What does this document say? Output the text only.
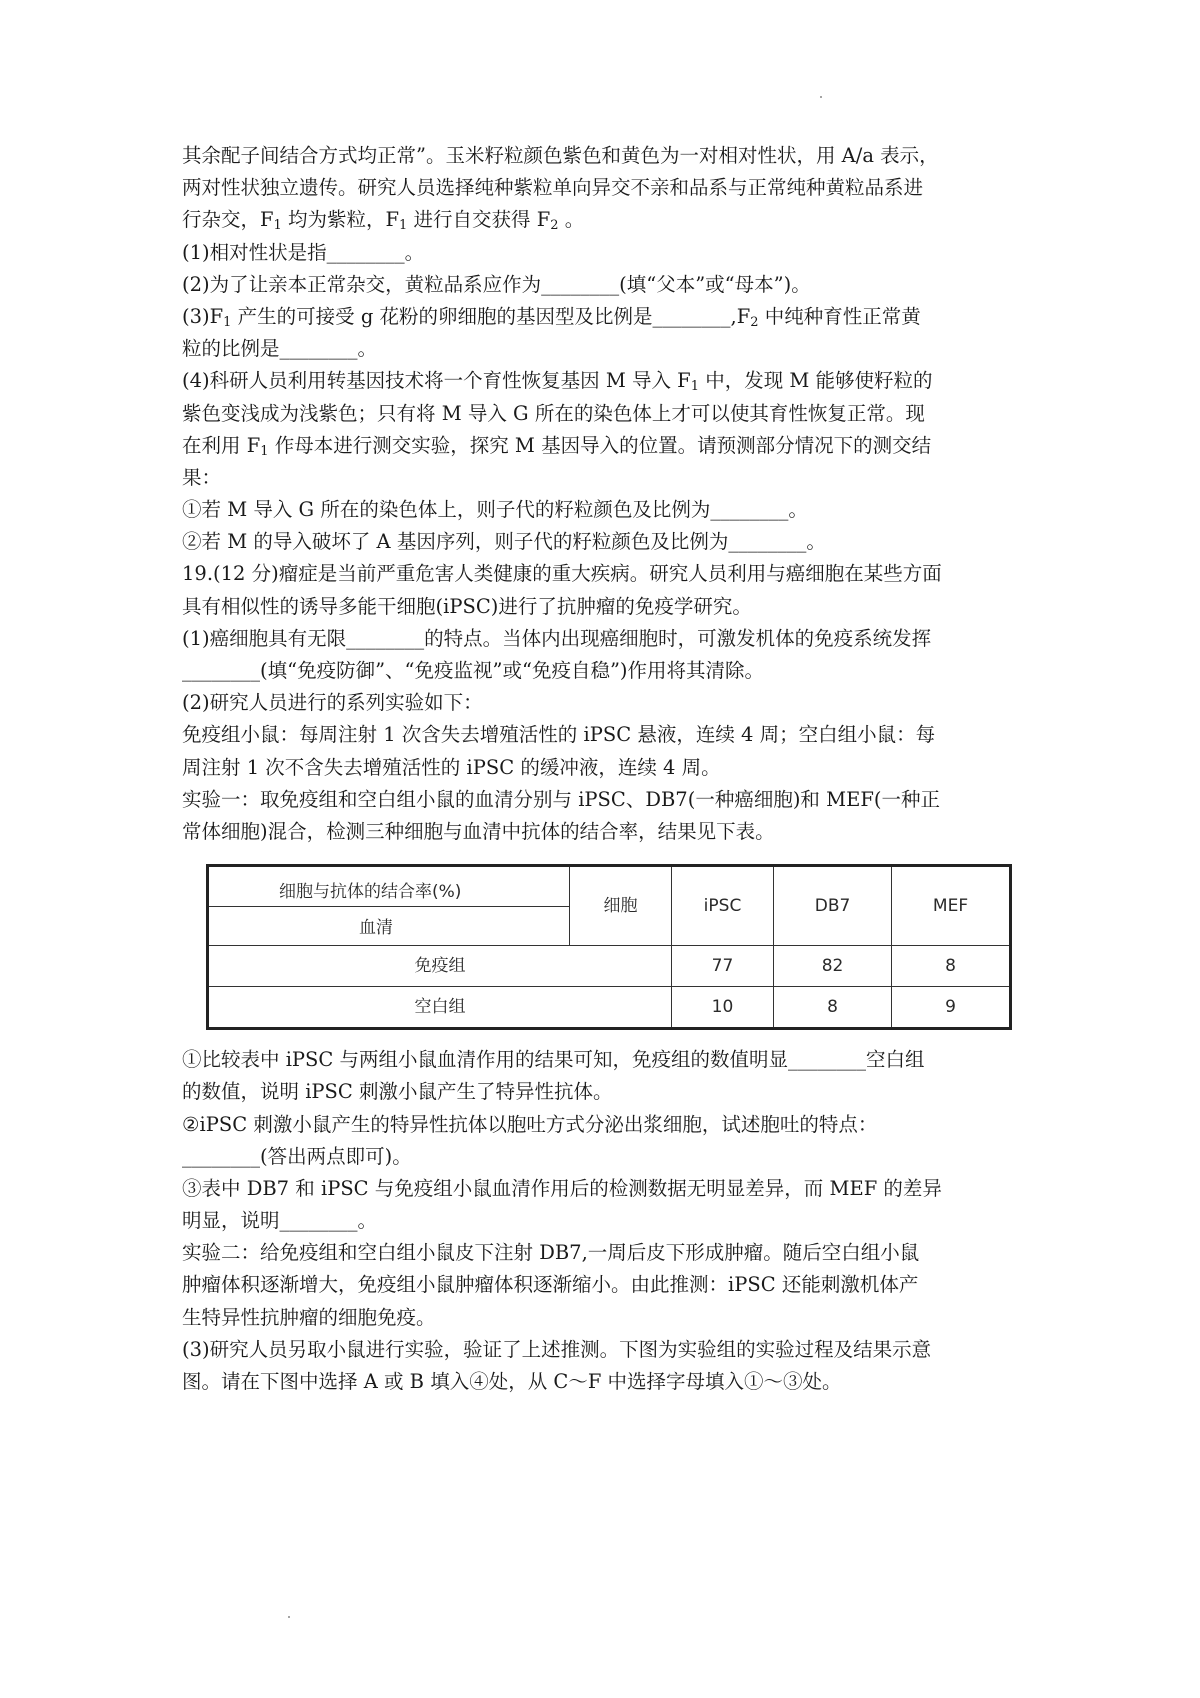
其余配子间结合方式均正常”。玉米籽粒颜色紫色和黄色为一对相对性状，用 A/a 表示，

两对性状独立遗传。研究人员选择纯种紫粒单向异交不亲和品系与正常纯种黄粒品系进

行杂交，$F_1$ 均为紫粒，$F_1$ 进行自交获得 $F_2$ 。

(1)相对性状是指________。

(2)为了让亲本正常杂交，黄粒品系应作为________(填“父本”或“母本”)。

$(3)F_1$ 产生的可接受 g 花粉的卵细胞的基因型及比例是$\_\_\_\_\_\_\_\_,F_2$ 中纯种育性正常黄

粒的比例是________。

(4)科研人员利用转基因技术将一个育性恢复基因 M 导入 $F_1$ 中，发现 M 能够使籽粒的

紫色变浅成为浅紫色；只有将 M 导入 G 所在的染色体上才可以使其育性恢复正常。现

在利用 $F_1$ 作母本进行测交实验，探究 M 基因导入的位置。请预测部分情况下的测交结

果：

①若 M 导入 G 所在的染色体上，则子代的籽粒颜色及比例为________。

②若 M 的导入破坏了 A 基因序列，则子代的籽粒颜色及比例为________。

19.(12 分)瘤症是当前严重危害人类健康的重大疾病。研究人员利用与癌细胞在某些方面

具有相似性的诱导多能干细胞(iPSC)进行了抗肿瘤的免疫学研究。

(1)癌细胞具有无限________的特点。当体内出现癌细胞时，可激发机体的免疫系统发挥

________(填“免疫防御”、“免疫监视”或“免疫自稳”)作用将其清除。

(2)研究人员进行的系列实验如下：

免疫组小鼠：每周注射 1 次含失去增殖活性的 iPSC 悬液，连续 4 周；空白组小鼠：每

周注射 1 次不含失去增殖活性的 iPSC 的缓冲液，连续 4 周。

实验一：取免疫组和空白组小鼠的血清分别与 iPSC、DB7(一种癌细胞)和 MEF(一种正

常体细胞)混合，检测三种细胞与血清中抗体的结合率，结果见下表。

细胞与抗体的结合率(%)
血清	细胞	iPSC	DB7	MEF
免疫组		77	82	8
空白组		10	8	9

①比较表中 iPSC 与两组小鼠血清作用的结果可知，免疫组的数值明显________空白组

的数值，说明 iPSC 刺激小鼠产生了特异性抗体。

②iPSC 刺激小鼠产生的特异性抗体以胞吐方式分泌出浆细胞，试述胞吐的特点：

________(答出两点即可)。

③表中 DB7 和 iPSC 与免疫组小鼠血清作用后的检测数据无明显差异，而 MEF 的差异

明显，说明________。

实验二：给免疫组和空白组小鼠皮下注射 DB7,一周后皮下形成肿瘤。随后空白组小鼠

肿瘤体积逐渐增大，免疫组小鼠肿瘤体积逐渐缩小。由此推测：iPSC 还能刺激机体产

生特异性抗肿瘤的细胞免疫。

(3)研究人员另取小鼠进行实验，验证了上述推测。下图为实验组的实验过程及结果示意

图。请在下图中选择 A 或 B 填入④处，从 C～F 中选择字母填入①～③处。
